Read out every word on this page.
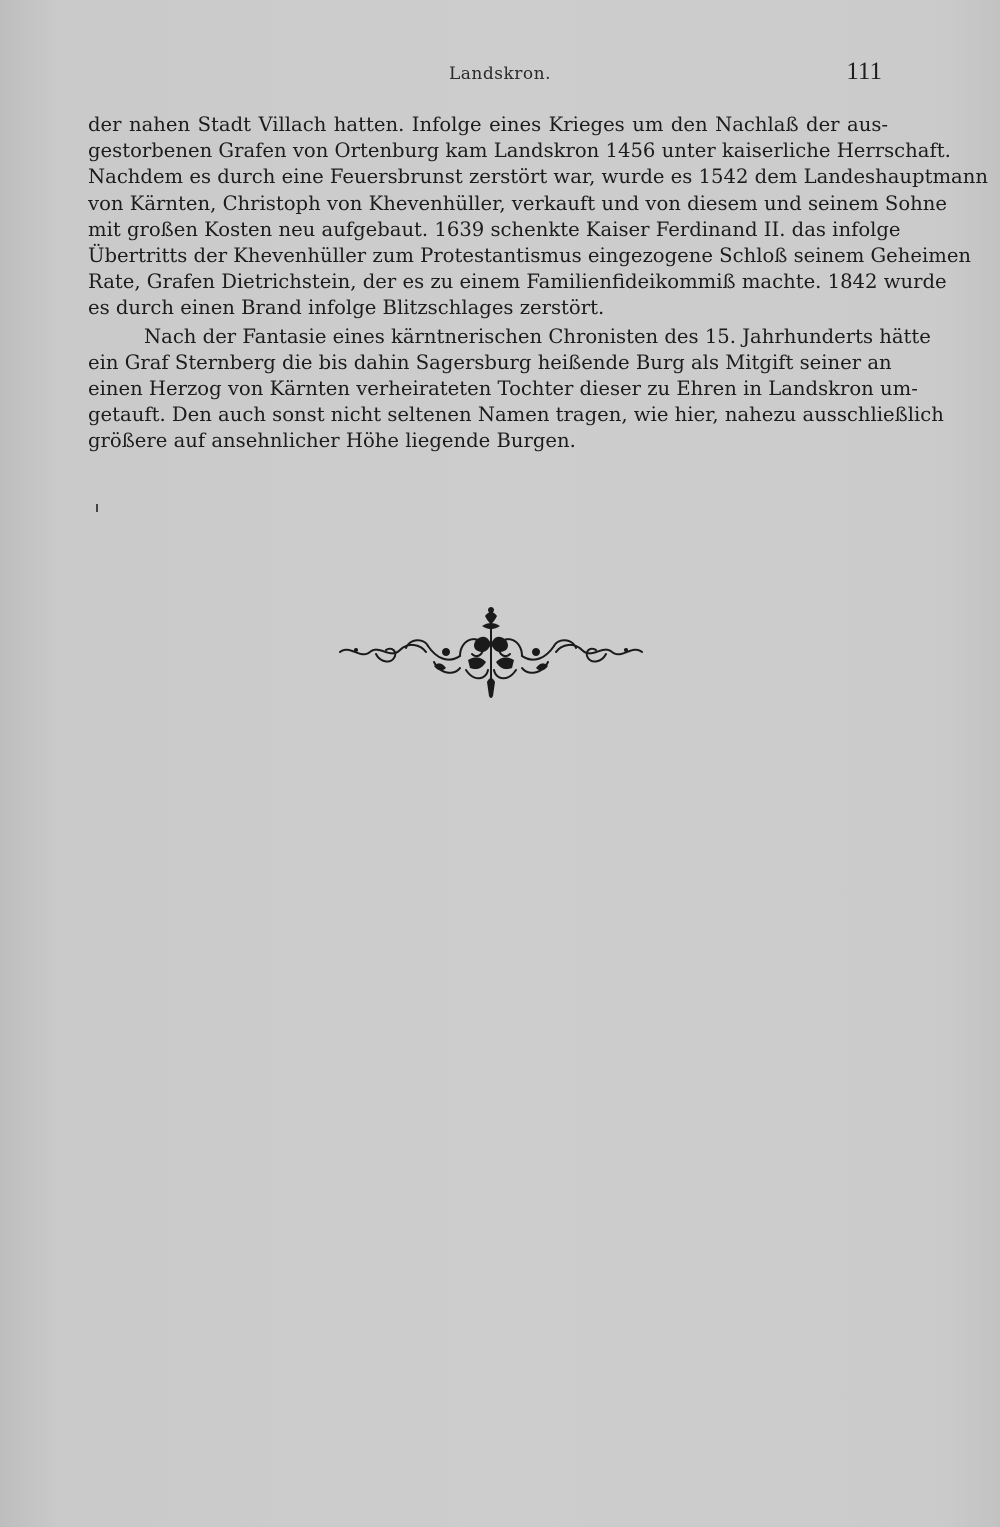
Landskron.	111
der nahen Stadt Villach hatten. Infolge eines Krieges um den Nachlaß der aus-
gestorbenen Grafen von Ortenburg kam Landskron 1456 unter kaiserliche Herrschaft.
Nachdem es durch eine Feuersbrunst zerstört war, wurde es 1542 dem Landeshauptmann
von Kärnten, Christoph von Khevenhüller, verkauft und von diesem und seinem Sohne
mit großen Kosten neu aufgebaut. 1639 schenkte Kaiser Ferdinand II. das infolge
Übertritts der Khevenhüller zum Protestantismus eingezogene Schloß seinem Geheimen
Rate, Grafen Dietrichstein, der es zu einem Familienfideikommiß machte. 1842 wurde
es durch einen Brand infolge Blitzschlages zerstört.
Nach der Fantasie eines kärntnerischen Chronisten des 15. Jahrhunderts hätte
ein Graf Sternberg die bis dahin Sagersburg heißende Burg als Mitgift seiner an
einen Herzog von Kärnten verheirateten Tochter dieser zu Ehren in Landskron um-
getauft. Den auch sonst nicht seltenen Namen tragen, wie hier, nahezu ausschließlich
größere auf ansehnlicher Höhe liegende Burgen.
